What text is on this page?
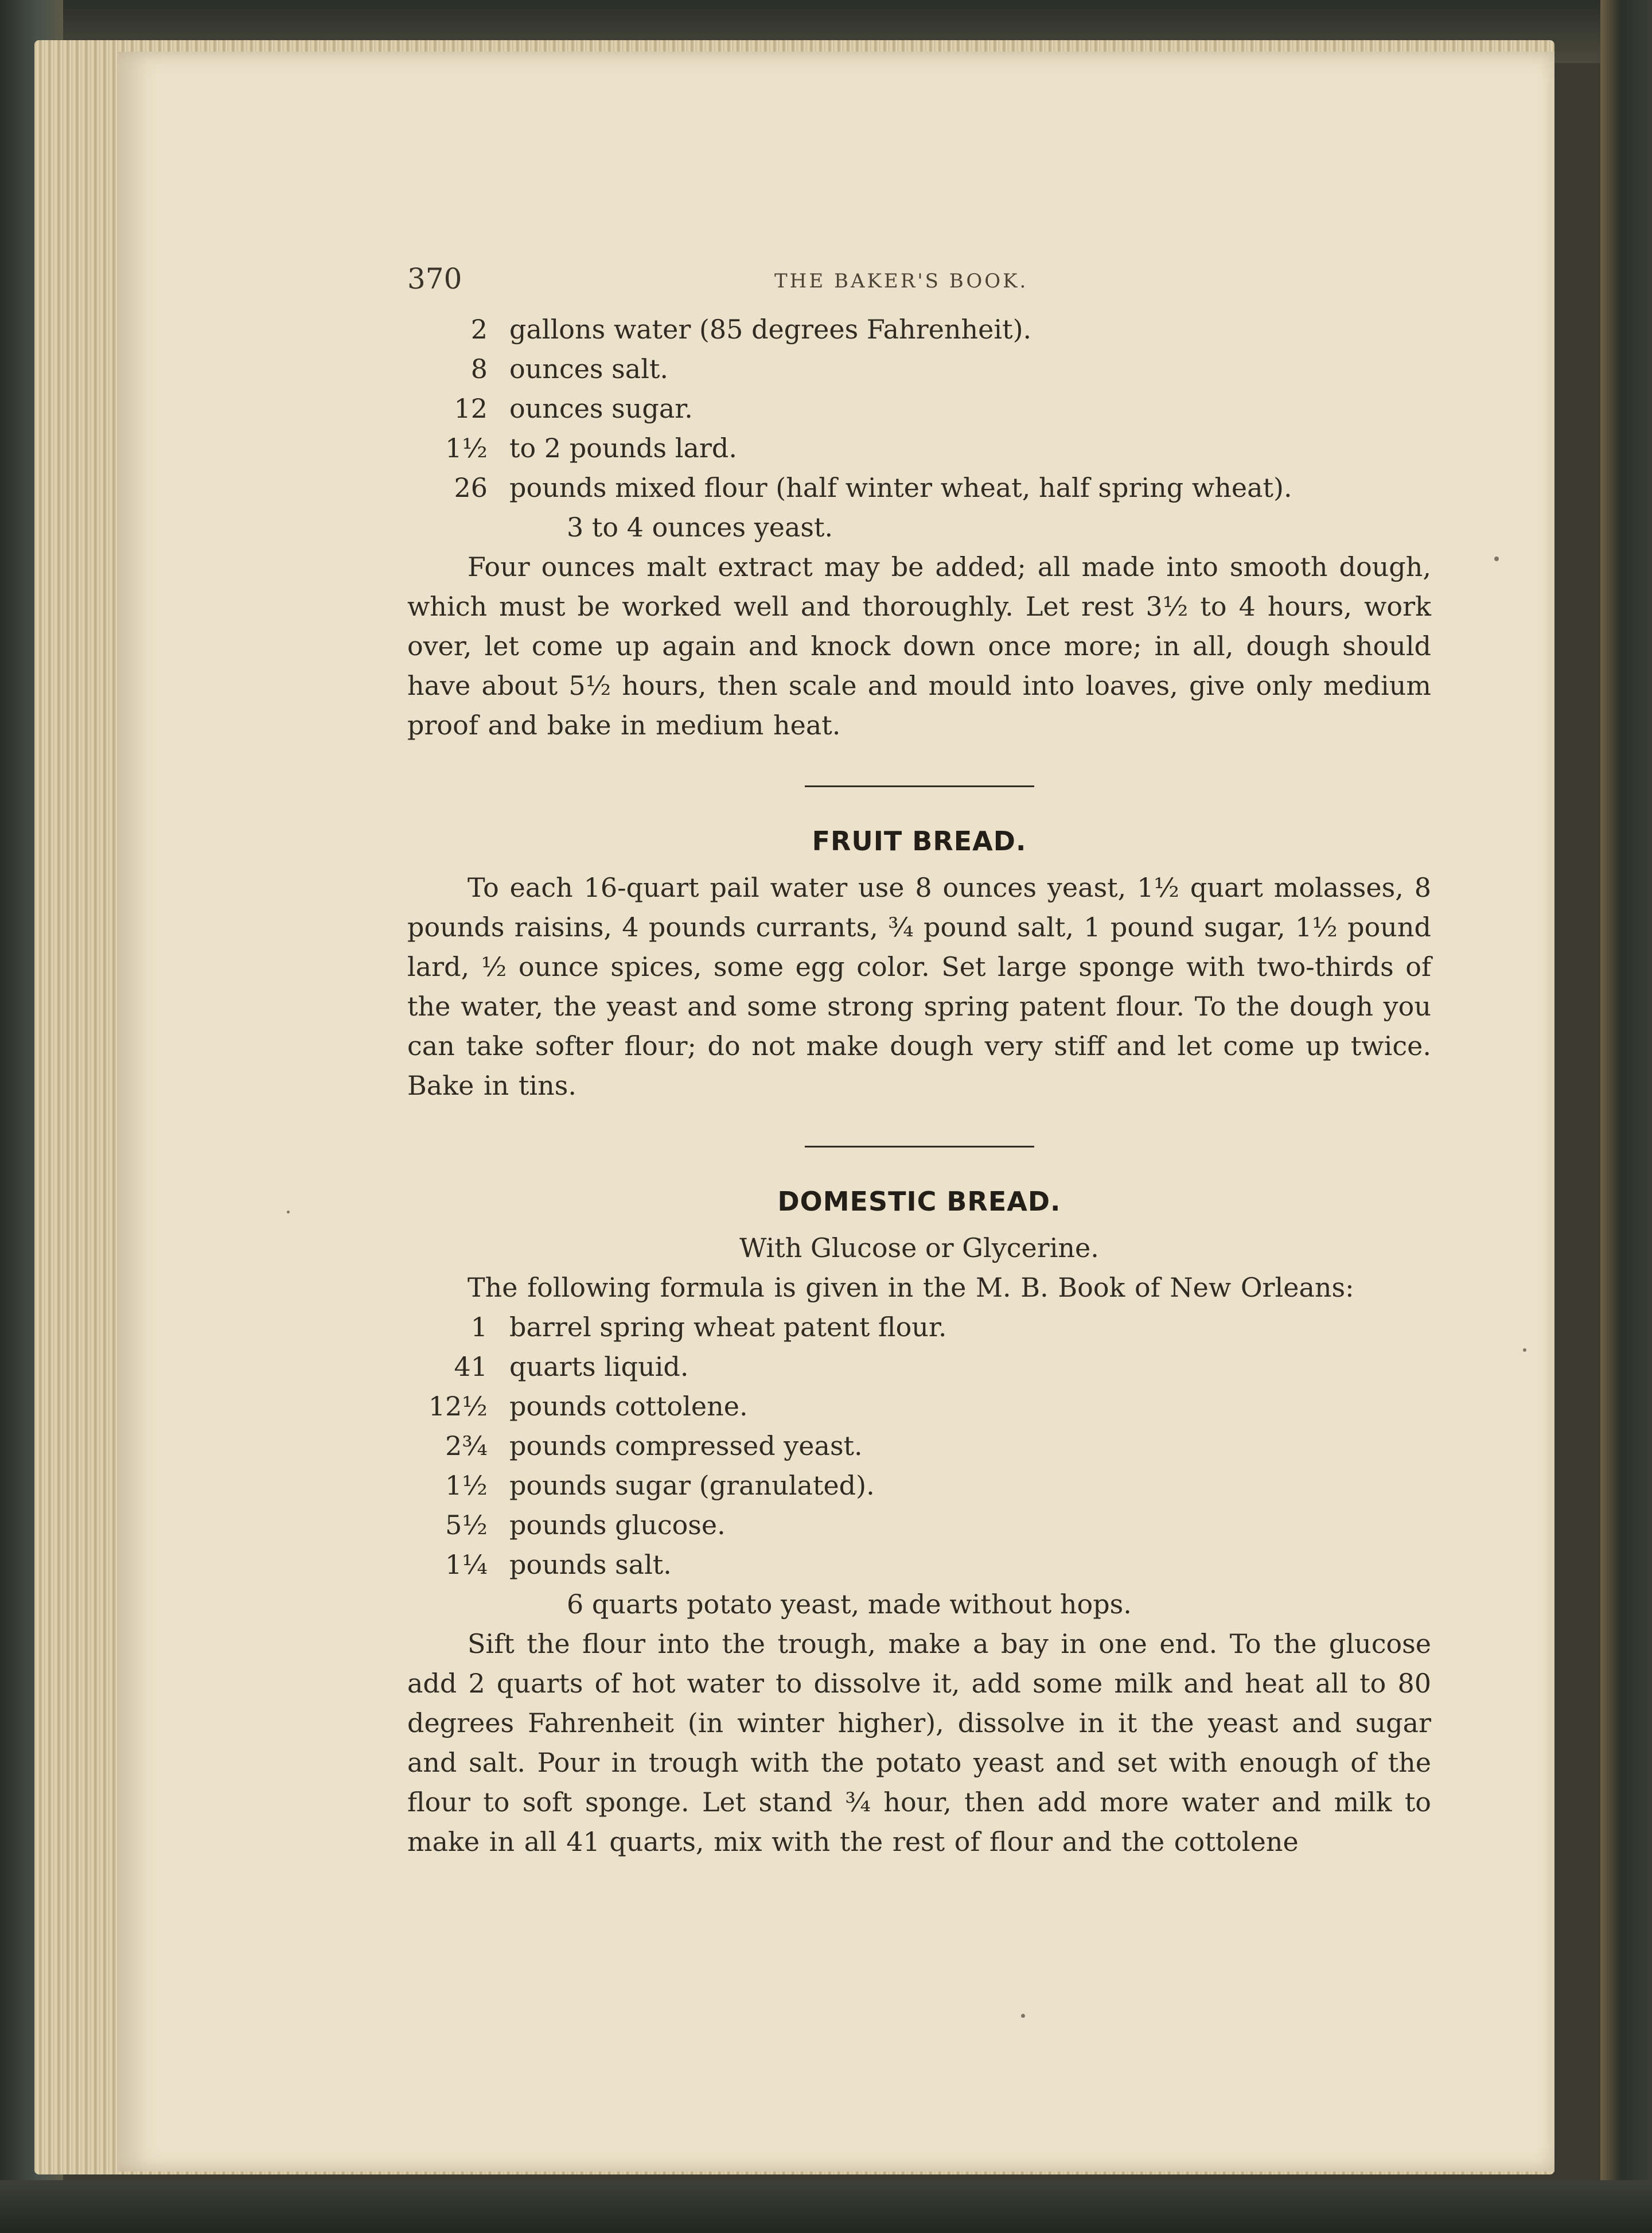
370	THE BAKER'S BOOK.
2 gallons water (85 degrees Fahrenheit).
8 ounces salt.
12 ounces sugar.
1½ to 2 pounds lard.
26 pounds mixed flour (half winter wheat, half spring wheat).
3 to 4 ounces yeast.

Four ounces malt extract may be added; all made into smooth dough, which must be worked well and thoroughly. Let rest 3½ to 4 hours, work over, let come up again and knock down once more; in all, dough should have about 5½ hours, then scale and mould into loaves, give only medium proof and bake in medium heat.

FRUIT BREAD.

To each 16-quart pail water use 8 ounces yeast, 1½ quart molasses, 8 pounds raisins, 4 pounds currants, ¾ pound salt, 1 pound sugar, 1½ pound lard, ½ ounce spices, some egg color. Set large sponge with two-thirds of the water, the yeast and some strong spring patent flour. To the dough you can take softer flour; do not make dough very stiff and let come up twice. Bake in tins.

DOMESTIC BREAD.

With Glucose or Glycerine.

The following formula is given in the M. B. Book of New Orleans:

1 barrel spring wheat patent flour.
41 quarts liquid.
12½ pounds cottolene.
2¾ pounds compressed yeast.
1½ pounds sugar (granulated).
5½ pounds glucose.
1¼ pounds salt.
6 quarts potato yeast, made without hops.

Sift the flour into the trough, make a bay in one end. To the glucose add 2 quarts of hot water to dissolve it, add some milk and heat all to 80 degrees Fahrenheit (in winter higher), dissolve in it the yeast and sugar and salt. Pour in trough with the potato yeast and set with enough of the flour to soft sponge. Let stand ¾ hour, then add more water and milk to make in all 41 quarts, mix with the rest of flour and the cottolene
